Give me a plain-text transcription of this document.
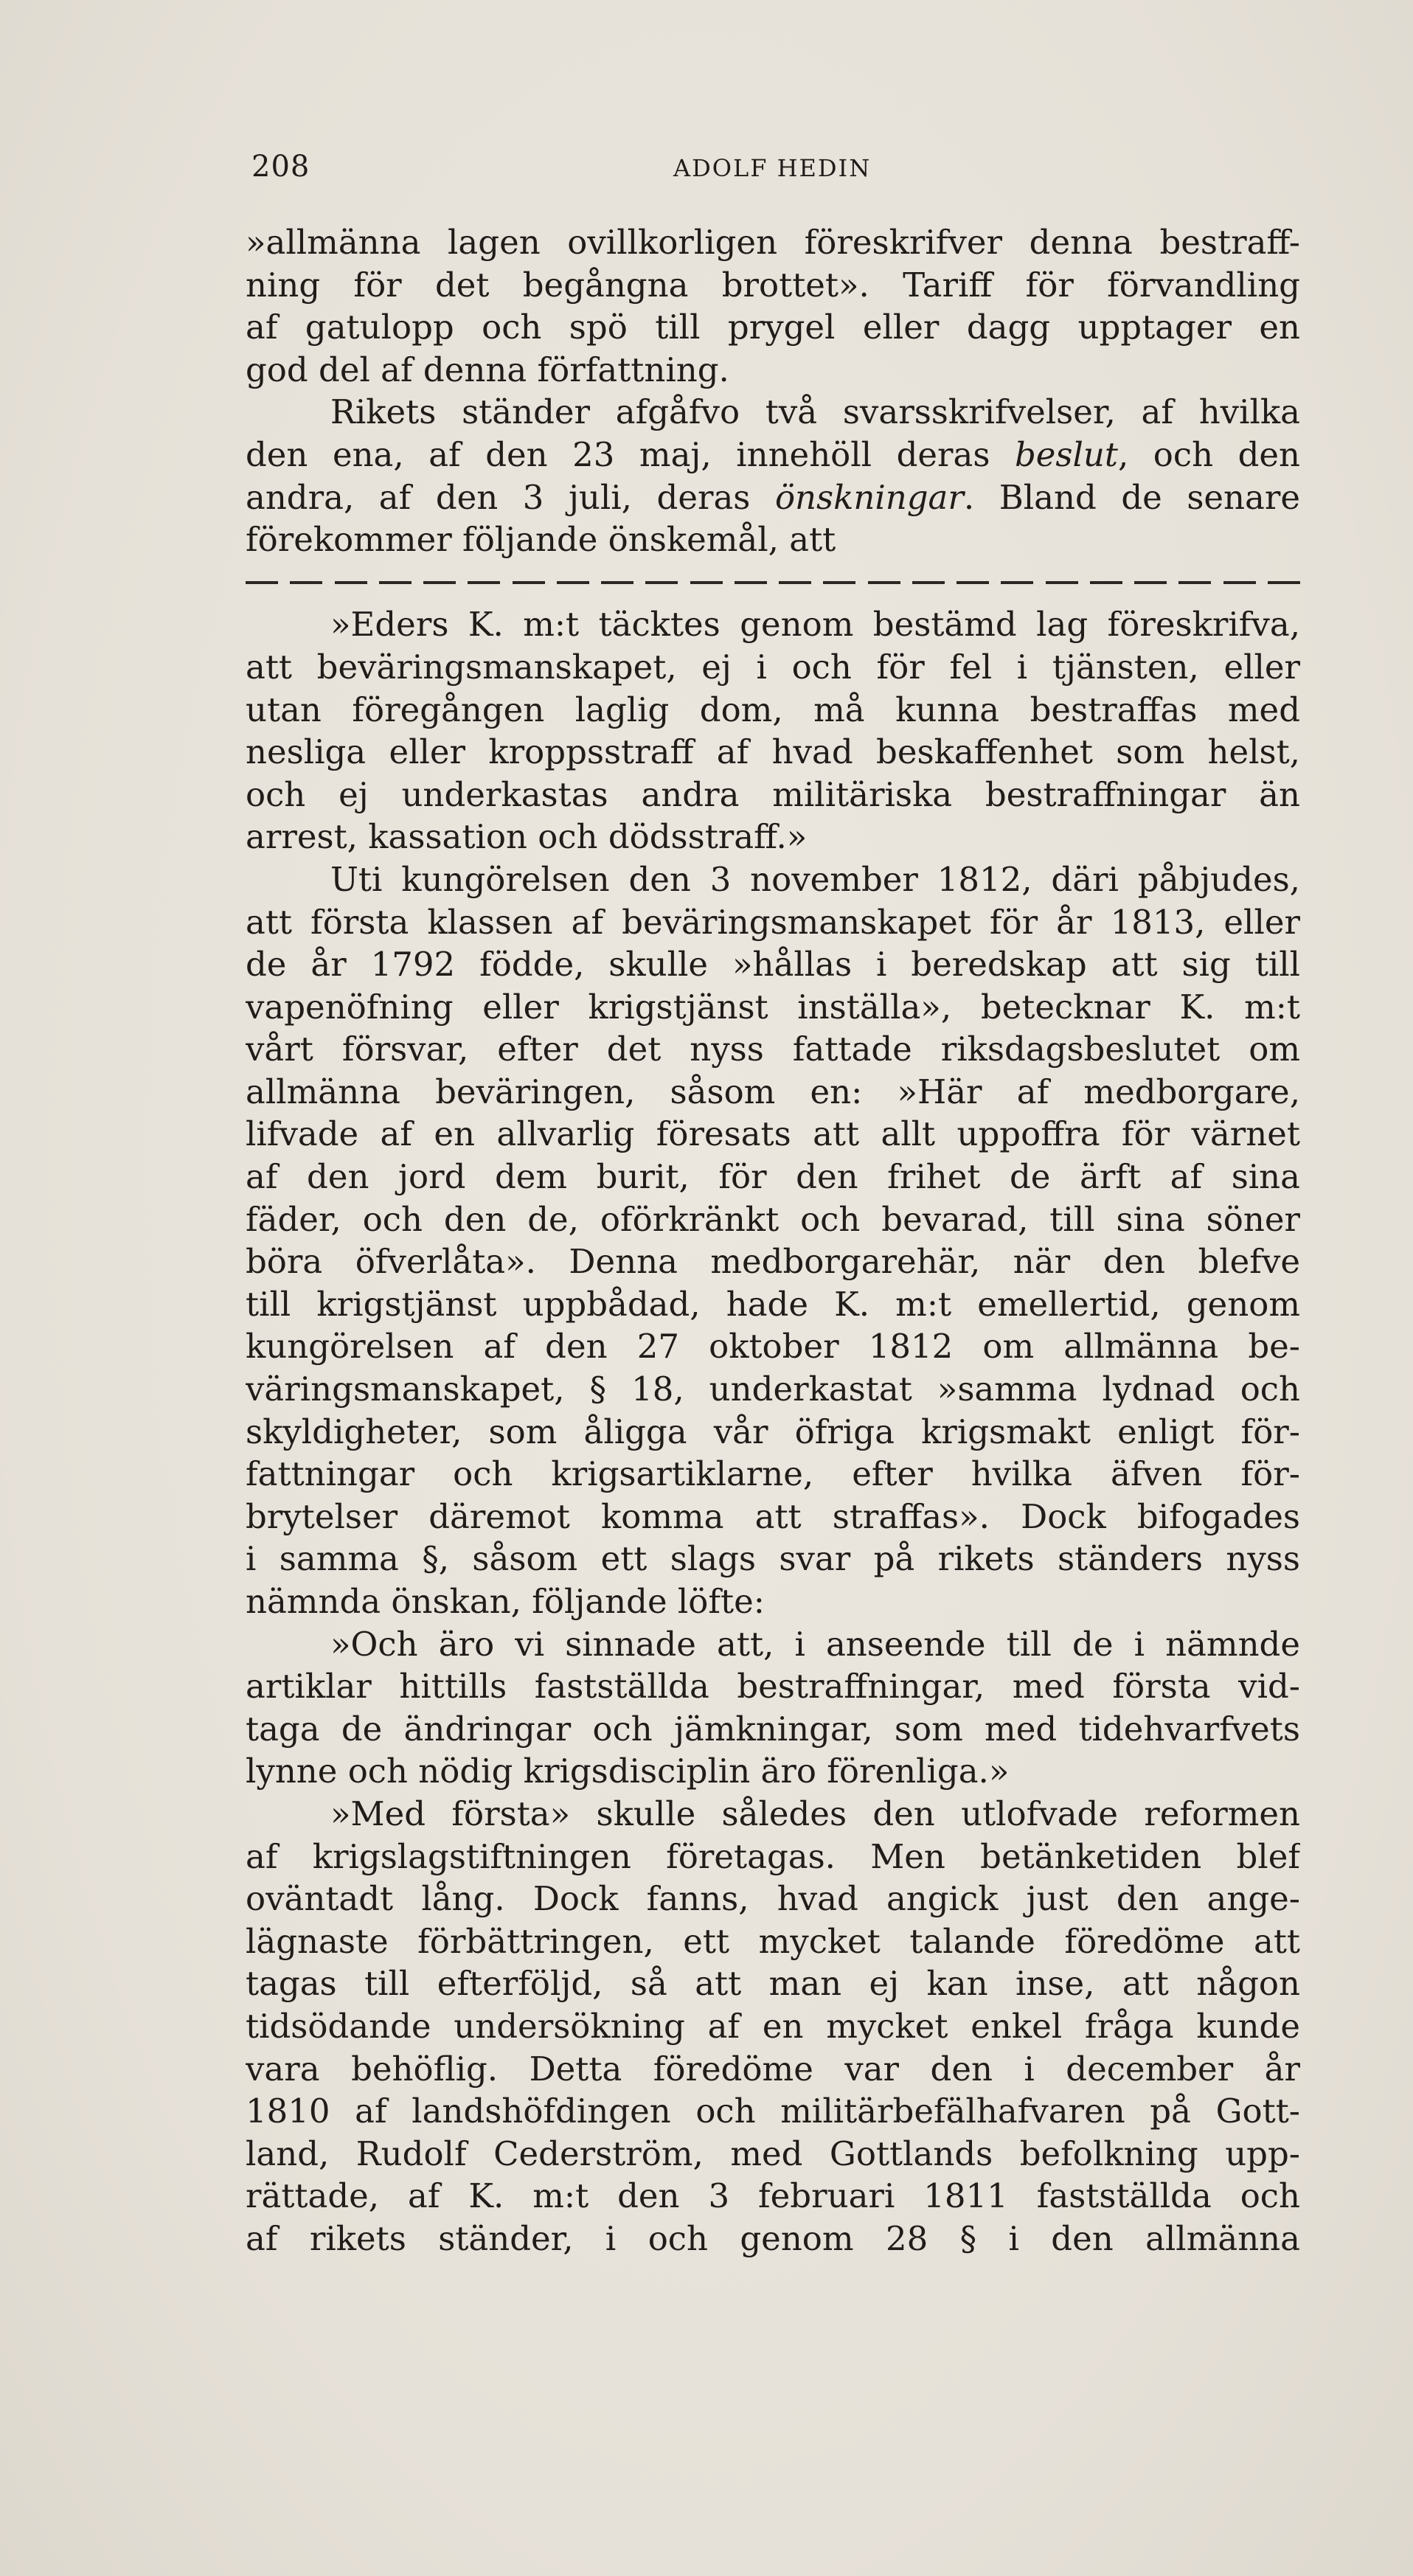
208	ADOLF HEDIN
»allmänna lagen ovillkorligen föreskrifver denna bestraff-
ning för det begångna brottet». Tariff för förvandling
af gatulopp och spö till prygel eller dagg upptager en
god del af denna författning.
Rikets ständer afgåfvo två svarsskrifvelser, af hvilka
den ena, af den 23 maj, innehöll deras beslut, och den
andra, af den 3 juli, deras önskningar. Bland de senare
förekommer följande önskemål, att
»Eders K. m:t täcktes genom bestämd lag föreskrifva,
att beväringsmanskapet, ej i och för fel i tjänsten, eller
utan föregången laglig dom, må kunna bestraffas med
nesliga eller kroppsstraff af hvad beskaffenhet som helst,
och ej underkastas andra militäriska bestraffningar än
arrest, kassation och dödsstraff.»
Uti kungörelsen den 3 november 1812, däri påbjudes,
att första klassen af beväringsmanskapet för år 1813, eller
de år 1792 födde, skulle »hållas i beredskap att sig till
vapenöfning eller krigstjänst inställa», betecknar K. m:t
vårt försvar, efter det nyss fattade riksdagsbeslutet om
allmänna beväringen, såsom en: »Här af medborgare,
lifvade af en allvarlig föresats att allt uppoffra för värnet
af den jord dem burit, för den frihet de ärft af sina
fäder, och den de, oförkränkt och bevarad, till sina söner
böra öfverlåta». Denna medborgarehär, när den blefve
till krigstjänst uppbådad, hade K. m:t emellertid, genom
kungörelsen af den 27 oktober 1812 om allmänna be-
väringsmanskapet, § 18, underkastat »samma lydnad och
skyldigheter, som åligga vår öfriga krigsmakt enligt för-
fattningar och krigsartiklarne, efter hvilka äfven för-
brytelser däremot komma att straffas». Dock bifogades
i samma §, såsom ett slags svar på rikets ständers nyss
nämnda önskan, följande löfte:
»Och äro vi sinnade att, i anseende till de i nämnde
artiklar hittills fastställda bestraffningar, med första vid-
taga de ändringar och jämkningar, som med tidehvarfvets
lynne och nödig krigsdisciplin äro förenliga.»
»Med första» skulle således den utlofvade reformen
af krigslagstiftningen företagas. Men betänketiden blef
oväntadt lång. Dock fanns, hvad angick just den ange-
lägnaste förbättringen, ett mycket talande föredöme att
tagas till efterföljd, så att man ej kan inse, att någon
tidsödande undersökning af en mycket enkel fråga kunde
vara behöflig. Detta föredöme var den i december år
1810 af landshöfdingen och militärbefälhafvaren på Gott-
land, Rudolf Cederström, med Gottlands befolkning upp-
rättade, af K. m:t den 3 februari 1811 fastställda och
af rikets ständer, i och genom 28 § i den allmänna
